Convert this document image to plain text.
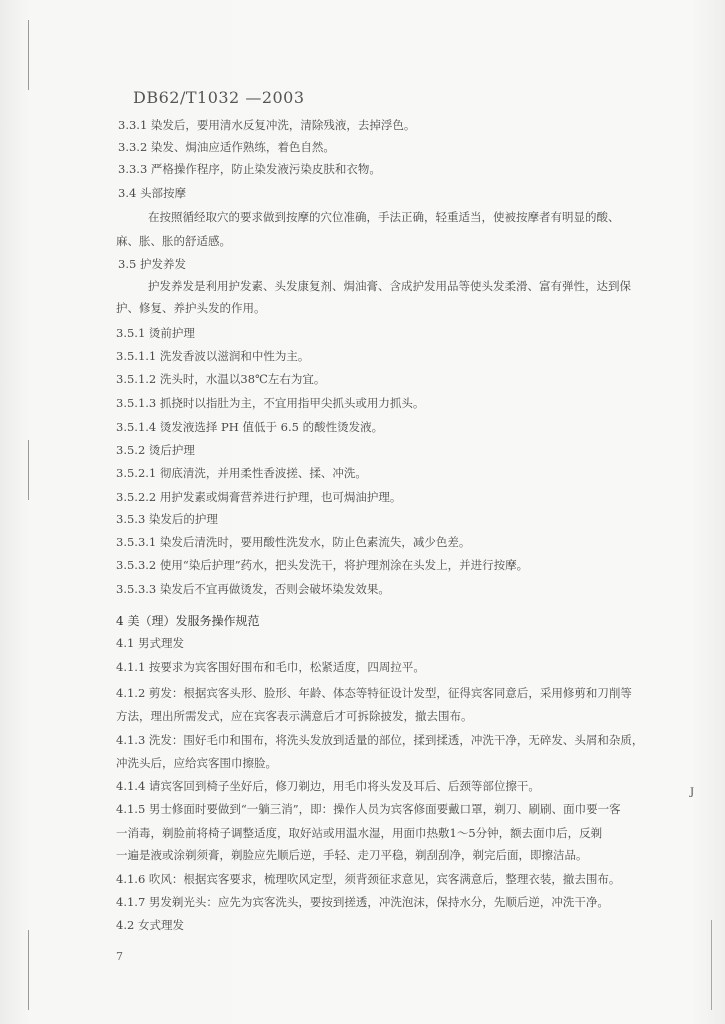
DB62/T1032 —2003
3.3.1 染发后，要用清水反复冲洗，清除残液，去掉浮色。
3.3.2 染发、焗油应适作熟练，着色自然。
3.3.3 严格操作程序，防止染发液污染皮肤和衣物。
3.4 头部按摩
在按照循经取穴的要求做到按摩的穴位准确，手法正确，轻重适当，使被按摩者有明显的酸、
麻、胀、胀的舒适感。
3.5 护发养发
护发养发是利用护发素、头发康复剂、焗油膏、含成护发用品等使头发柔滑、富有弹性，达到保
护、修复、养护头发的作用。
3.5.1 烫前护理
3.5.1.1 洗发香波以滋润和中性为主。
3.5.1.2 洗头时，水温以38℃左右为宜。
3.5.1.3 抓挠时以指肚为主，不宜用指甲尖抓头或用力抓头。
3.5.1.4 烫发液选择 PH 值低于 6.5 的酸性烫发液。
3.5.2 烫后护理
3.5.2.1 彻底清洗，并用柔性香波搓、揉、冲洗。
3.5.2.2 用护发素或焗膏营养进行护理，也可焗油护理。
3.5.3 染发后的护理
3.5.3.1 染发后清洗时，要用酸性洗发水，防止色素流失，减少色差。
3.5.3.2 使用“染后护理”药水，把头发洗干，将护理剂涂在头发上，并进行按摩。
3.5.3.3 染发后不宜再做烫发，否则会破坏染发效果。
4 美（理）发服务操作规范
4.1 男式理发
4.1.1 按要求为宾客围好围布和毛巾，松紧适度，四周拉平。
4.1.2 剪发：根据宾客头形、脸形、年龄、体态等特征设计发型，征得宾客同意后，采用修剪和刀削等
方法，理出所需发式，应在宾客表示满意后才可拆除披发，撤去围布。
4.1.3 洗发：围好毛巾和围布，将洗头发放到适量的部位，揉到揉透，冲洗干净，无碎发、头屑和杂质，
冲洗头后，应给宾客围巾擦脸。
4.1.4 请宾客回到椅子坐好后，修刀剃边，用毛巾将头发及耳后、后颈等部位擦干。
4.1.5 男士修面时要做到“一躺三消”，即：操作人员为宾客修面要戴口罩，剃刀、刷刷、面巾要一客
一消毒，剃脸前将椅子调整适度，取好站或用温水湿，用面巾热敷1～5分钟，额去面巾后，反剃
一遍是液或涂剃须膏，剃脸应先顺后逆，手轻、走刀平稳，剃刮刮净，剃完后面，即擦洁品。
4.1.6 吹风：根据宾客要求，梳理吹风定型，须背颈征求意见，宾客满意后，整理衣装，撤去围布。
4.1.7 男发剃光头：应先为宾客洗头，要按到搓透，冲洗泡沫，保持水分，先顺后逆，冲洗干净。
4.2 女式理发
J
7
